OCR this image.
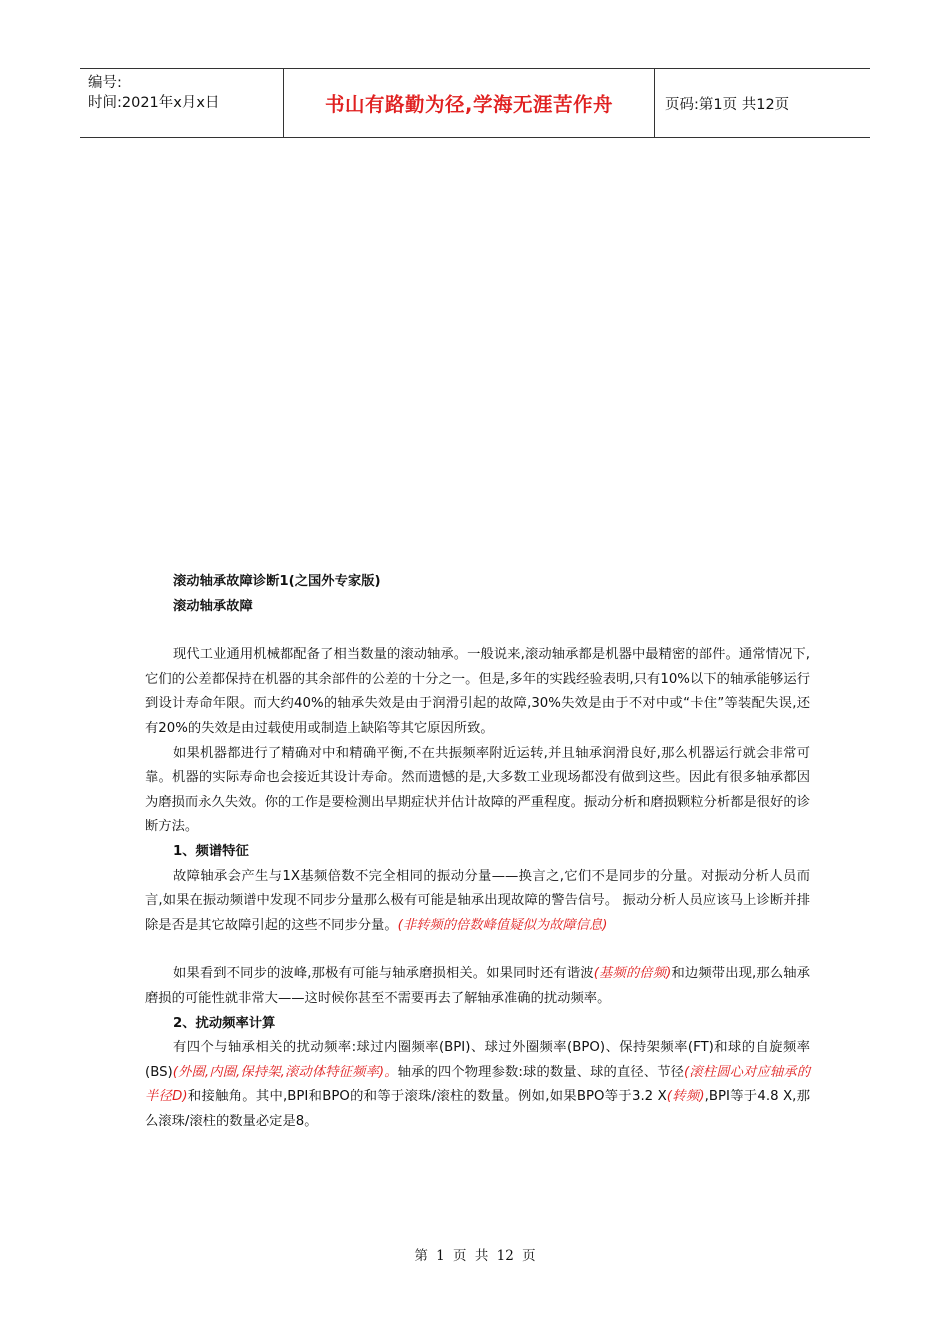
编号:
时间:2021年x月x日	书山有路勤为径,学海无涯苦作舟	页码:第1页 共12页

滚动轴承故障诊断1(之国外专家版)

滚动轴承故障

现代工业通用机械都配备了相当数量的滚动轴承。一般说来,滚动轴承都是机器中最精密的部件。通常情况下,它们的公差都保持在机器的其余部件的公差的十分之一。但是,多年的实践经验表明,只有10%以下的轴承能够运行到设计寿命年限。而大约40%的轴承失效是由于润滑引起的故障,30%失效是由于不对中或“卡住”等装配失误,还有20%的失效是由过载使用或制造上缺陷等其它原因所致。

如果机器都进行了精确对中和精确平衡,不在共振频率附近运转,并且轴承润滑良好,那么机器运行就会非常可靠。机器的实际寿命也会接近其设计寿命。然而遗憾的是,大多数工业现场都没有做到这些。因此有很多轴承都因为磨损而永久失效。你的工作是要检测出早期症状并估计故障的严重程度。振动分析和磨损颗粒分析都是很好的诊断方法。

1、频谱特征

故障轴承会产生与1X基频倍数不完全相同的振动分量——换言之,它们不是同步的分量。对振动分析人员而言,如果在振动频谱中发现不同步分量那么极有可能是轴承出现故障的警告信号。 振动分析人员应该马上诊断并排除是否是其它故障引起的这些不同步分量。(非转频的倍数峰值疑似为故障信息)

如果看到不同步的波峰,那极有可能与轴承磨损相关。如果同时还有谐波(基频的倍频)和边频带出现,那么轴承磨损的可能性就非常大——这时候你甚至不需要再去了解轴承准确的扰动频率。

2、扰动频率计算

有四个与轴承相关的扰动频率:球过内圈频率(BPI)、球过外圈频率(BPO)、保持架频率(FT)和球的自旋频率(BS)(外圈,内圈,保持架,滚动体特征频率)。轴承的四个物理参数:球的数量、球的直径、节径(滚柱圆心对应轴承的半径D)和接触角。其中,BPI和BPO的和等于滚珠/滚柱的数量。例如,如果BPO等于3.2 X(转频),BPI等于4.8 X,那么滚珠/滚柱的数量必定是8。

第 1 页 共 12 页
